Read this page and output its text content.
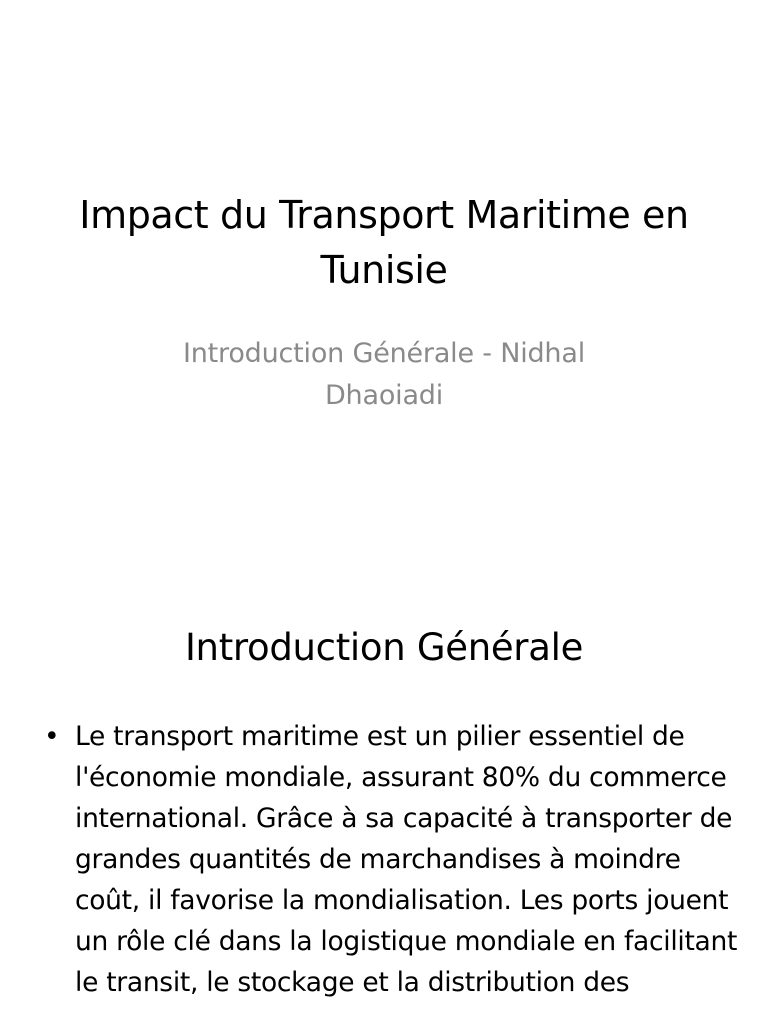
Impact du Transport Maritime en Tunisie

Introduction Générale - Nidhal Dhaoiadi

Introduction Générale
• Le transport maritime est un pilier essentiel de l'économie mondiale, assurant 80% du commerce international. Grâce à sa capacité à transporter de grandes quantités de marchandises à moindre coût, il favorise la mondialisation. Les ports jouent un rôle clé dans la logistique mondiale en facilitant le transit, le stockage et la distribution des
